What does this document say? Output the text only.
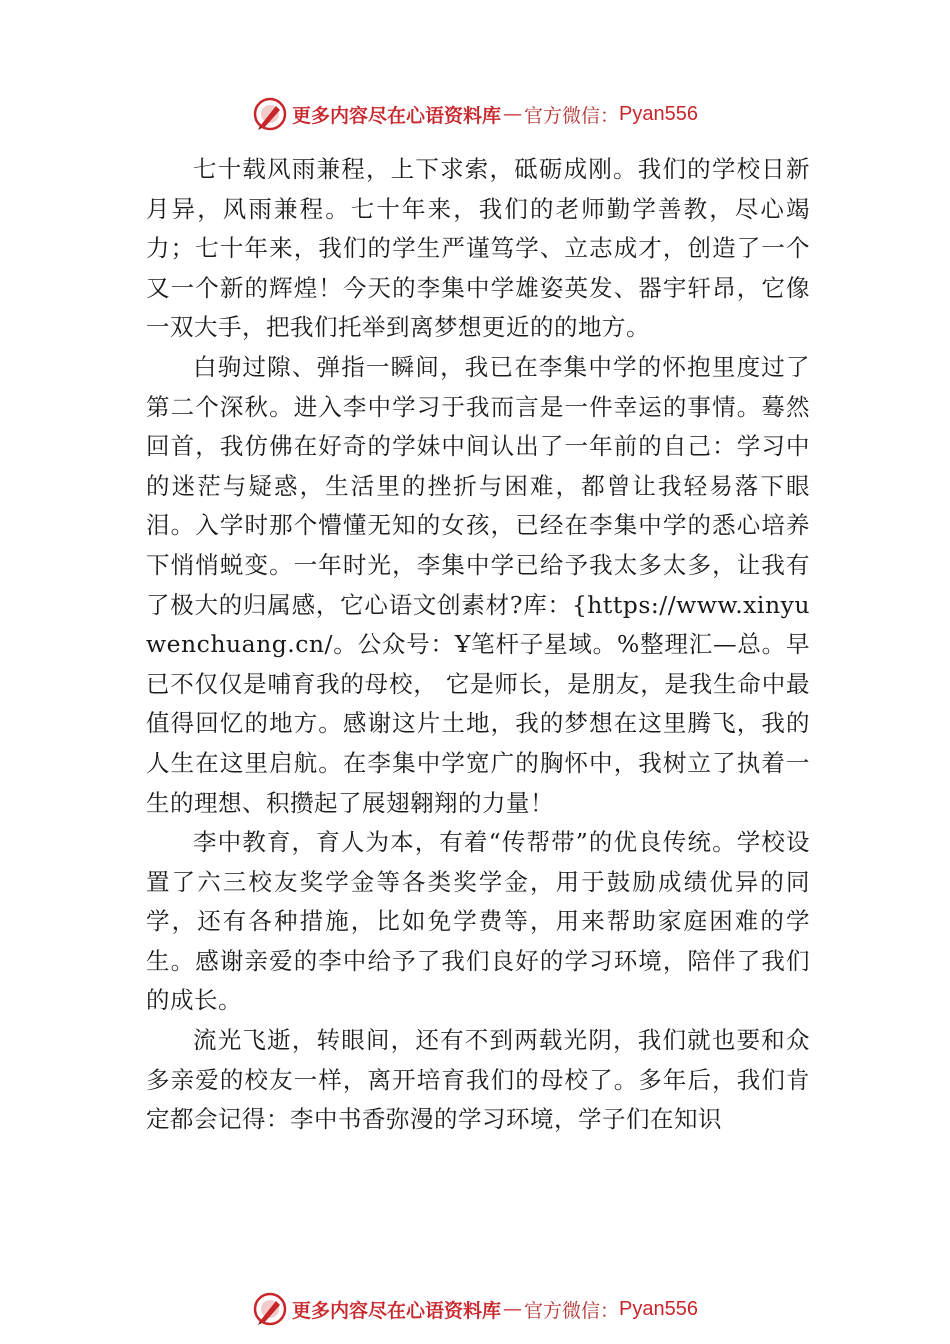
更多内容尽在心语资料库 — 官方微信： Pyan556

七十载风雨兼程，上下求索，砥砺成刚。我们的学校日新月异，风雨兼程。七十年来，我们的老师勤学善教，尽心竭力；七十年来，我们的学生严谨笃学、立志成才，创造了一个又一个新的辉煌！今天的李集中学雄姿英发、器宇轩昂，它像一双大手，把我们托举到离梦想更近的的地方。

白驹过隙、弹指一瞬间，我已在李集中学的怀抱里度过了第二个深秋。进入李中学习于我而言是一件幸运的事情。蓦然回首，我仿佛在好奇的学妹中间认出了一年前的自己：学习中的迷茫与疑惑，生活里的挫折与困难，都曾让我轻易落下眼泪。入学时那个懵懂无知的女孩，已经在李集中学的悉心培养下悄悄蜕变。一年时光，李集中学已给予我太多太多，让我有了极大的归属感，它心语文创素材?库：{https://www.xinyuwenchuang.cn/。公众号：Ұ笔杆子星域。%整理汇—总。早已不仅仅是哺育我的母校， 它是师长，是朋友，是我生命中最值得回忆的地方。感谢这片土地，我的梦想在这里腾飞，我的人生在这里启航。在李集中学宽广的胸怀中，我树立了执着一生的理想、积攒起了展翅翱翔的力量！

李中教育，育人为本，有着“传帮带”的优良传统。学校设置了六三校友奖学金等各类奖学金，用于鼓励成绩优异的同学，还有各种措施，比如免学费等，用来帮助家庭困难的学生。感谢亲爱的李中给予了我们良好的学习环境，陪伴了我们的成长。

流光飞逝，转眼间，还有不到两载光阴，我们就也要和众多亲爱的校友一样，离开培育我们的母校了。多年后，我们肯定都会记得：李中书香弥漫的学习环境，学子们在知识

更多内容尽在心语资料库 — 官方微信： Pyan556
